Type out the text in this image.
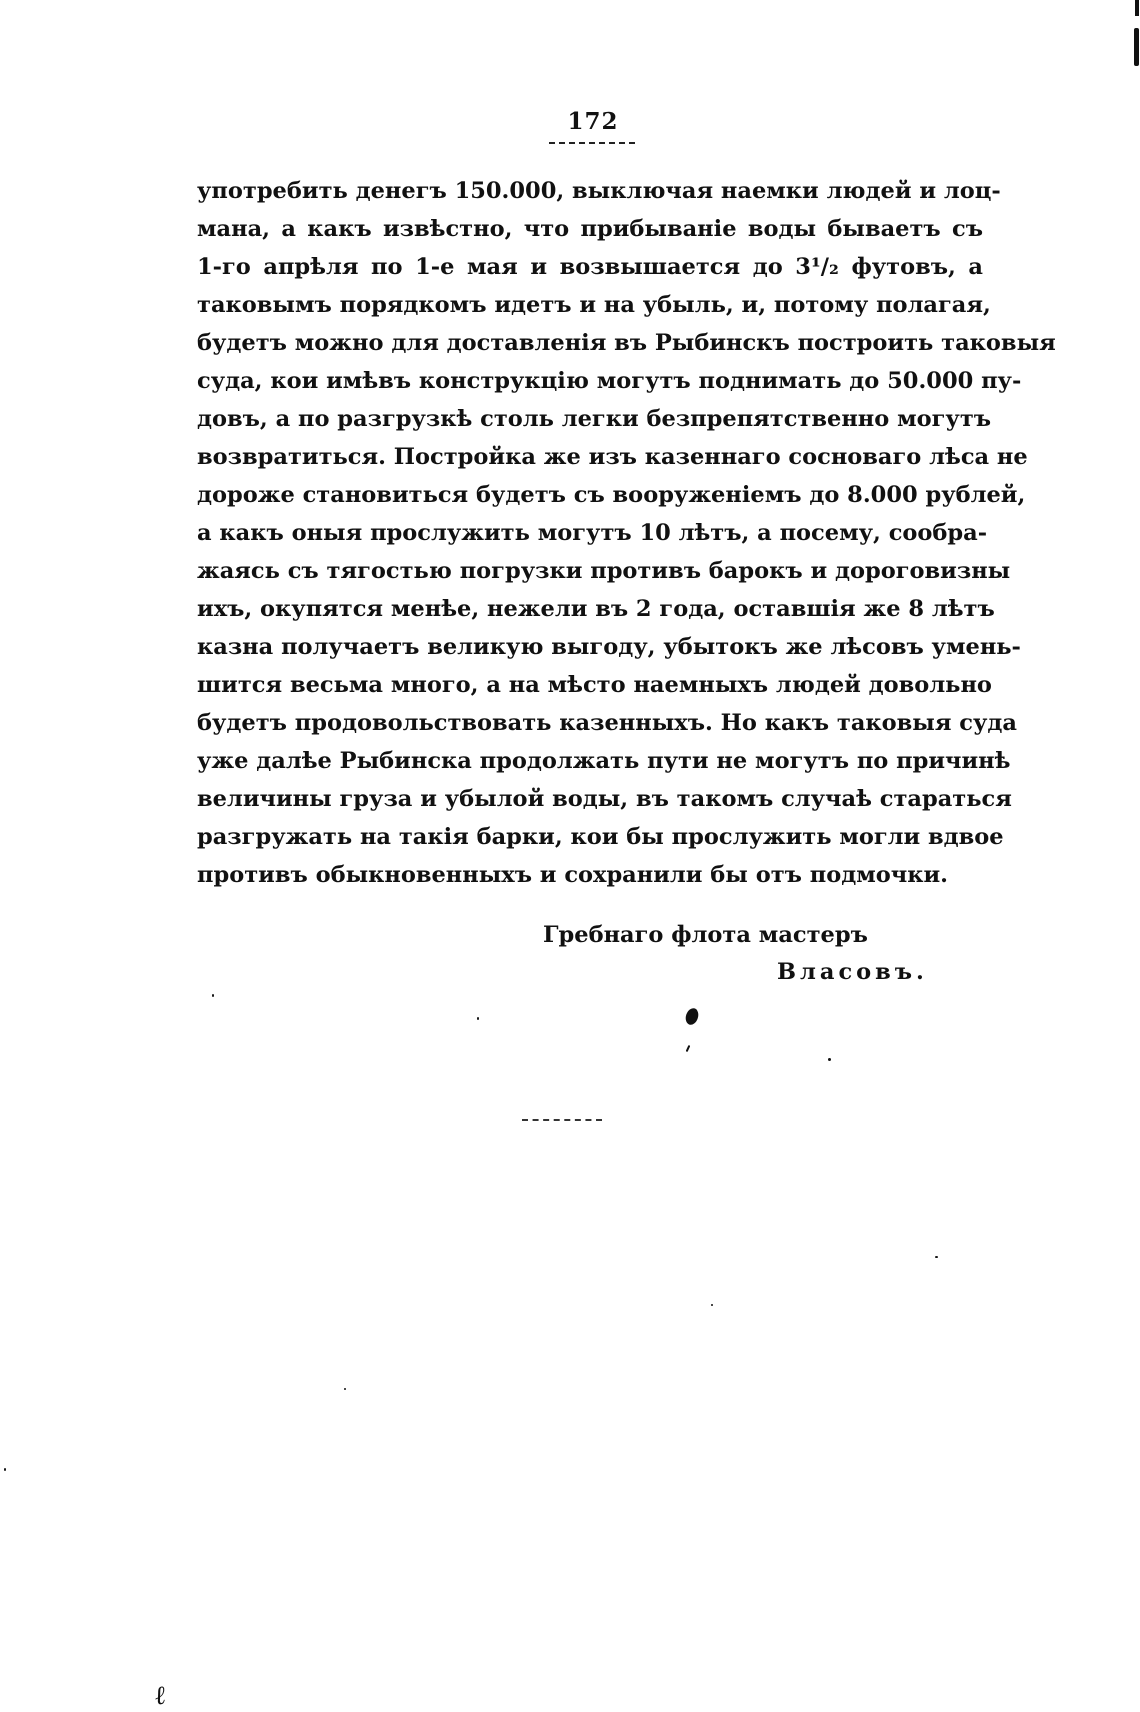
172
употребить денегъ 150.000, выключая наемки людей и лоц-
мана, а какъ извѣстно, что прибываніе воды бываетъ съ
1-го апрѣля по 1-е мая и возвышается до 3¹/₂ футовъ, а
таковымъ порядкомъ идетъ и на убыль, и, потому полагая,
будетъ можно для доставленія въ Рыбинскъ построить таковыя
суда, кои имѣвъ конструкцію могутъ поднимать до 50.000 пу-
довъ, а по разгрузкѣ столь легки безпрепятственно могутъ
возвратиться. Постройка же изъ казеннаго сосноваго лѣса не
дороже становиться будетъ съ вооруженіемъ до 8.000 рублей,
а какъ оныя прослужить могутъ 10 лѣтъ, а посему, сообра-
жаясь съ тягостью погрузки противъ барокъ и дороговизны
ихъ, окупятся менѣе, нежели въ 2 года, оставшія же 8 лѣтъ
казна получаетъ великую выгоду, убытокъ же лѣсовъ умень-
шится весьма много, а на мѣсто наемныхъ людей довольно
будетъ продовольствовать казенныхъ. Но какъ таковыя суда
уже далѣе Рыбинска продолжать пути не могутъ по причинѣ
величины груза и убылой воды, въ такомъ случаѣ стараться
разгружать на такія барки, кои бы прослужить могли вдвое
противъ обыкновенныхъ и сохранили бы отъ подмочки.
Гребнаго флота мастеръ
Власовъ.
ℓ
